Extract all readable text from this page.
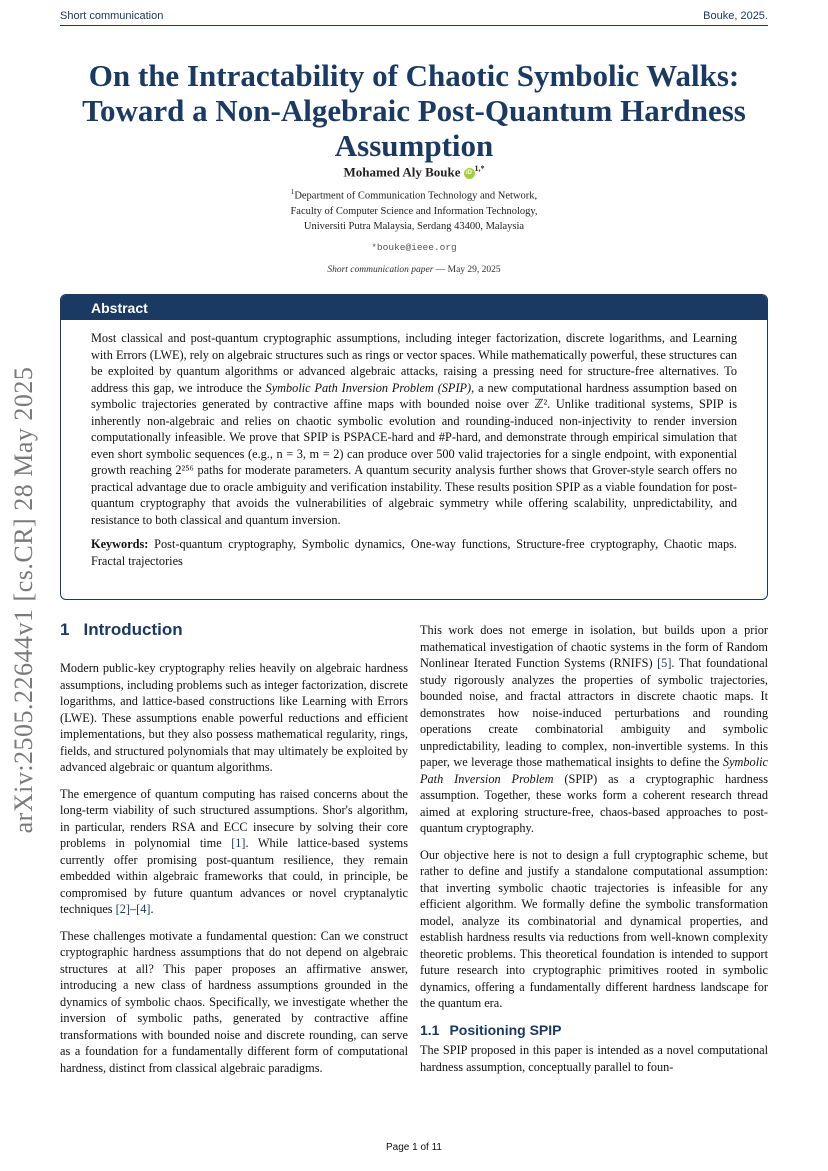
Short communication	Bouke, 2025.
arXiv:2505.22644v1 [cs.CR] 28 May 2025
On the Intractability of Chaotic Symbolic Walks: Toward a Non-Algebraic Post-Quantum Hardness Assumption
Mohamed Aly Bouke $iD^{1,*}$
$^1$Department of Communication Technology and Network,
Faculty of Computer Science and Information Technology,
Universiti Putra Malaysia, Serdang 43400, Malaysia
*bouke@ieee.org
Short communication paper — May 29, 2025
Abstract

Most classical and post-quantum cryptographic assumptions, including integer factorization, discrete logarithms, and Learning with Errors (LWE), rely on algebraic structures such as rings or vector spaces. While mathematically powerful, these structures can be exploited by quantum algorithms or advanced algebraic attacks, raising a pressing need for structure-free alternatives. To address this gap, we introduce the Symbolic Path Inversion Problem (SPIP), a new computational hardness assumption based on symbolic trajectories generated by contractive affine maps with bounded noise over ℤ². Unlike traditional systems, SPIP is inherently non-algebraic and relies on chaotic symbolic evolution and rounding-induced non-injectivity to render inversion computationally infeasible. We prove that SPIP is PSPACE-hard and #P-hard, and demonstrate through empirical simulation that even short symbolic sequences (e.g., n = 3, m = 2) can produce over 500 valid trajectories for a single endpoint, with exponential growth reaching 2²⁵⁶ paths for moderate parameters. A quantum security analysis further shows that Grover-style search offers no practical advantage due to oracle ambiguity and verification instability. These results position SPIP as a viable foundation for post-quantum cryptography that avoids the vulnerabilities of algebraic symmetry while offering scalability, unpredictability, and resistance to both classical and quantum inversion.

Keywords: Post-quantum cryptography, Symbolic dynamics, One-way functions, Structure-free cryptography, Chaotic maps. Fractal trajectories

1 Introduction

Modern public-key cryptography relies heavily on algebraic hardness assumptions, including problems such as integer factorization, discrete logarithms, and lattice-based constructions like Learning with Errors (LWE). These assumptions enable powerful reductions and efficient implementations, but they also possess mathematical regularity, rings, fields, and structured polynomials that may ultimately be exploited by advanced algebraic or quantum algorithms.

The emergence of quantum computing has raised concerns about the long-term viability of such structured assumptions. Shor's algorithm, in particular, renders RSA and ECC insecure by solving their core problems in polynomial time [1]. While lattice-based systems currently offer promising post-quantum resilience, they remain embedded within algebraic frameworks that could, in principle, be compromised by future quantum advances or novel cryptanalytic techniques [2]–[4].

These challenges motivate a fundamental question: Can we construct cryptographic hardness assumptions that do not depend on algebraic structures at all? This paper proposes an affirmative answer, introducing a new class of hardness assumptions grounded in the dynamics of symbolic chaos. Specifically, we investigate whether the inversion of symbolic paths, generated by contractive affine transformations with bounded noise and discrete rounding, can serve as a foundation for a fundamentally different form of computational hardness, distinct from classical algebraic paradigms.

This work does not emerge in isolation, but builds upon a prior mathematical investigation of chaotic systems in the form of Random Nonlinear Iterated Function Systems (RNIFS) [5]. That foundational study rigorously analyzes the properties of symbolic trajectories, bounded noise, and fractal attractors in discrete chaotic maps. It demonstrates how noise-induced perturbations and rounding operations create combinatorial ambiguity and symbolic unpredictability, leading to complex, non-invertible systems. In this paper, we leverage those mathematical insights to define the Symbolic Path Inversion Problem (SPIP) as a cryptographic hardness assumption. Together, these works form a coherent research thread aimed at exploring structure-free, chaos-based approaches to post-quantum cryptography.

Our objective here is not to design a full cryptographic scheme, but rather to define and justify a standalone computational assumption: that inverting symbolic chaotic trajectories is infeasible for any efficient algorithm. We formally define the symbolic transformation model, analyze its combinatorial and dynamical properties, and establish hardness results via reductions from well-known complexity theoretic problems. This theoretical foundation is intended to support future research into cryptographic primitives rooted in symbolic dynamics, offering a fundamentally different hardness landscape for the quantum era.

1.1 Positioning SPIP

The SPIP proposed in this paper is intended as a novel computational hardness assumption, conceptually parallel to foun-

Page 1 of 11
